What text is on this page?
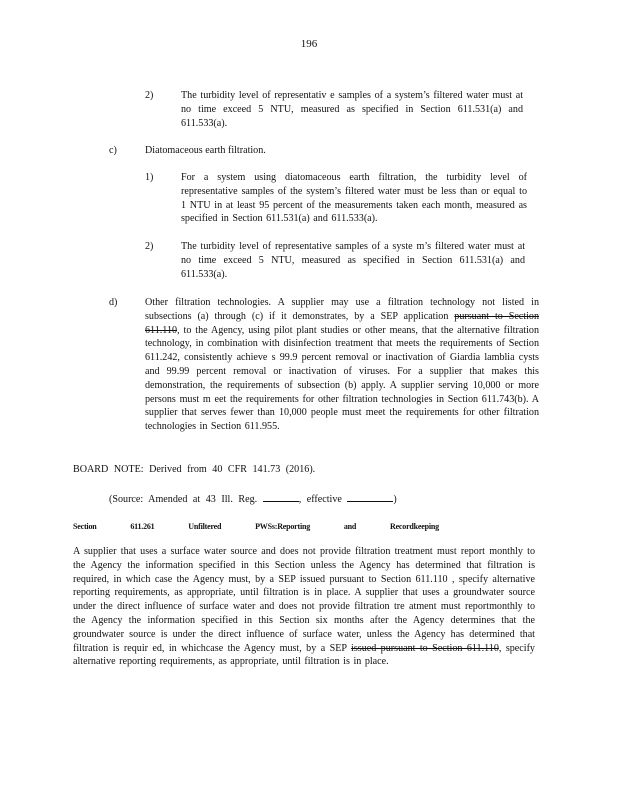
196
2)	The turbidity level of representativ e samples of a system’s filtered water must at no time exceed 5 NTU, measured as specified in Section 611.531(a) and 611.533(a).
c)	Diatomaceous earth filtration.
1)	For a system using diatomaceous earth filtration, the turbidity level of representative samples of the system’s filtered water must be less than or equal to 1 NTU in at least 95 percent of the measurements taken each month, measured as specified in Section 611.531(a) and 611.533(a).
2)	The turbidity level of representative samples of a syste m’s filtered water must at no time exceed 5 NTU, measured as specified in Section 611.531(a) and 611.533(a).
d)	Other filtration technologies. A supplier may use a filtration technology not listed in subsections (a) through (c) if it demonstrates, by a SEP application pursuant to Section 611.110, to the Agency, using pilot plant studies or other means, that the alternative filtration technology, in combination with disinfection treatment that meets the requirements of Section 611.242, consistently achieve s 99.9 percent removal or inactivation of Giardia lamblia cysts and 99.99 percent removal or inactivation of viruses. For a supplier that makes this demonstration, the requirements of subsection (b) apply. A supplier serving 10,000 or more persons must m eet the requirements for other filtration technologies in Section 611.743(b). A supplier that serves fewer than 10,000 people must meet the requirements for other filtration technologies in Section 611.955.
BOARD NOTE: Derived from 40 CFR 141.73 (2016).
(Source: Amended at 43 Ill. Reg.	, effective	)
Section	611.261	Unfiltered	PWSs:Reporting	and	Recordkeeping
A supplier that uses a surface water source and does not provide filtration treatment must report monthly to the Agency the information specified in this Section unless the Agency has determined that filtration is required, in which case the Agency must, by a SEP issued pursuant to Section 611.110 , specify alternative reporting requirements, as appropriate, until filtration is in place. A supplier that uses a groundwater source under the direct influence of surface water and does not provide filtration tre atment must reportmonthly to the Agency the information specified in this Section six months after the Agency determines that the groundwater source is under the direct influence of surface water, unless the Agency has determined that filtration is requir ed, in whichcase the Agency must, by a SEP issued pursuant to Section 611.110, specify alternative reporting requirements, as appropriate, until filtration is in place.
